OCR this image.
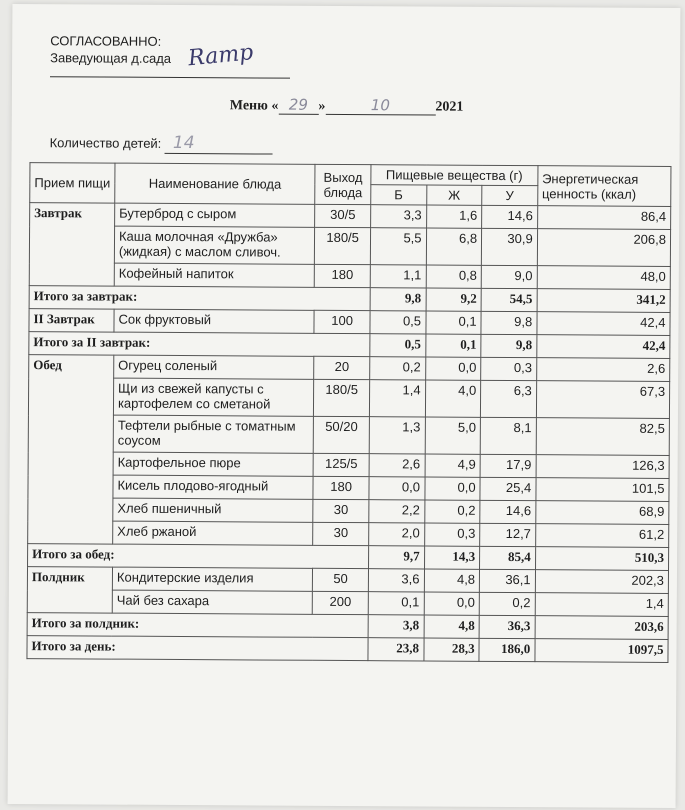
СОГЛАСОВАННО:
Заведующая д.сада Ramp
Меню « 29 »	10	2021
Количество детей: 14
Прием пищи	Наименование блюда	Выход блюда	Пищевые вещества (г)			Энергетическая ценность (ккал)
			Б	Ж	У	
Завтрак	Бутерброд с сыром	30/5	3,3	1,6	14,6	86,4
	Каша молочная «Дружба» (жидкая) с маслом сливоч.	180/5	5,5	6,8	30,9	206,8
	Кофейный напиток	180	1,1	0,8	9,0	48,0
Итого за завтрак:			9,8	9,2	54,5	341,2
II Завтрак	Сок фруктовый	100	0,5	0,1	9,8	42,4
Итого за II завтрак:			0,5	0,1	9,8	42,4
Обед	Огурец соленый	20	0,2	0,0	0,3	2,6
	Щи из свежей капусты с картофелем со сметаной	180/5	1,4	4,0	6,3	67,3
	Тефтели рыбные с томатным соусом	50/20	1,3	5,0	8,1	82,5
	Картофельное пюре	125/5	2,6	4,9	17,9	126,3
	Кисель плодово-ягодный	180	0,0	0,0	25,4	101,5
	Хлеб пшеничный	30	2,2	0,2	14,6	68,9
	Хлеб ржаной	30	2,0	0,3	12,7	61,2
Итого за обед:			9,7	14,3	85,4	510,3
Полдник	Кондитерские изделия	50	3,6	4,8	36,1	202,3
	Чай без сахара	200	0,1	0,0	0,2	1,4
Итого за полдник:			3,8	4,8	36,3	203,6
Итого за день:			23,8	28,3	186,0	1097,5
